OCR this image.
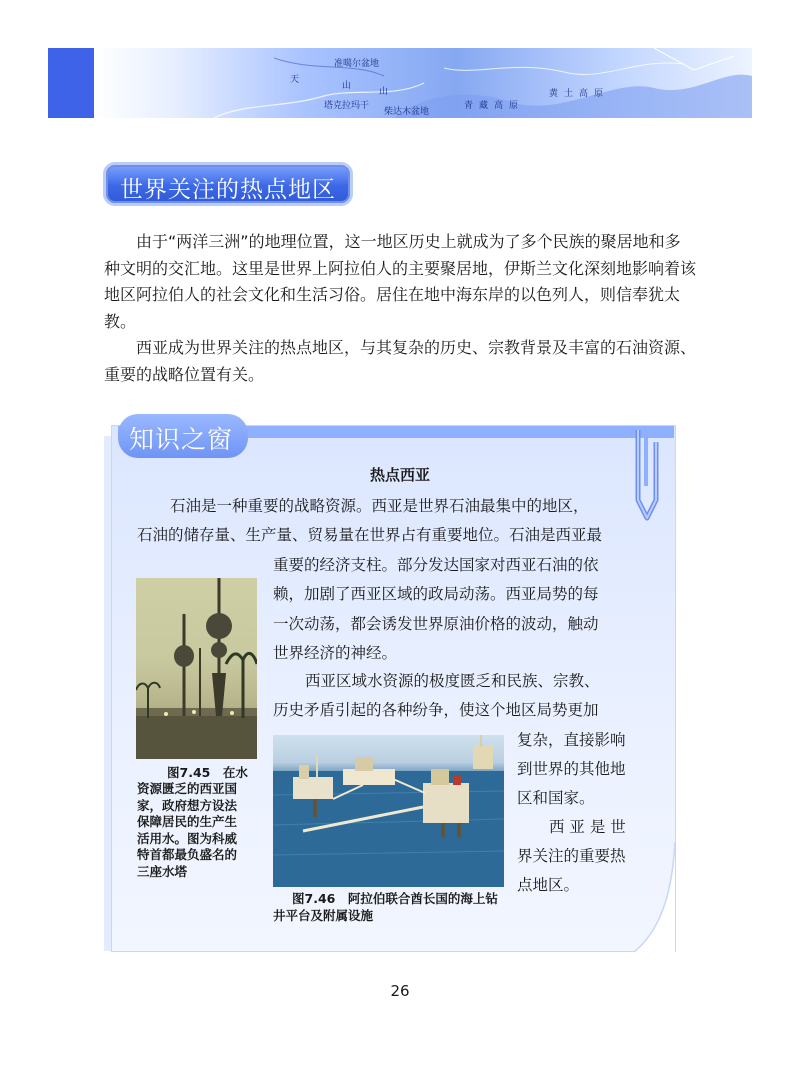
天
山
山
塔克拉玛干
准噶尔盆地
柴达木盆地
青 藏 高 原
黄 土 高 原
世界关注的热点地区

由于“两洋三洲”的地理位置，这一地区历史上就成为了多个民族的聚居地和多种文明的交汇地。这里是世界上阿拉伯人的主要聚居地，伊斯兰文化深刻地影响着该地区阿拉伯人的社会文化和生活习俗。居住在地中海东岸的以色列人，则信奉犹太教。

西亚成为世界关注的热点地区，与其复杂的历史、宗教背景及丰富的石油资源、重要的战略位置有关。

知识之窗
热点西亚

石油是一种重要的战略资源。西亚是世界石油最集中的地区，

石油的储存量、生产量、贸易量在世界占有重要地位。石油是西亚最

重要的经济支柱。部分发达国家对西亚石油的依

赖，加剧了西亚区域的政局动荡。西亚局势的每

一次动荡，都会诱发世界原油价格的波动，触动

世界经济的神经。

西亚区域水资源的极度匮乏和民族、宗教、

历史矛盾引起的各种纷争，使这个地区局势更加

复杂，直接影响

到世界的其他地

区和国家。

西 亚 是 世

界关注的重要热

点地区。

图7.45　在水
资源匮乏的西亚国
家，政府想方设法
保障居民的生产生
活用水。图为科威
特首都最负盛名的
三座水塔
图7.46　阿拉伯联合酋长国的海上钻
井平台及附属设施
26
